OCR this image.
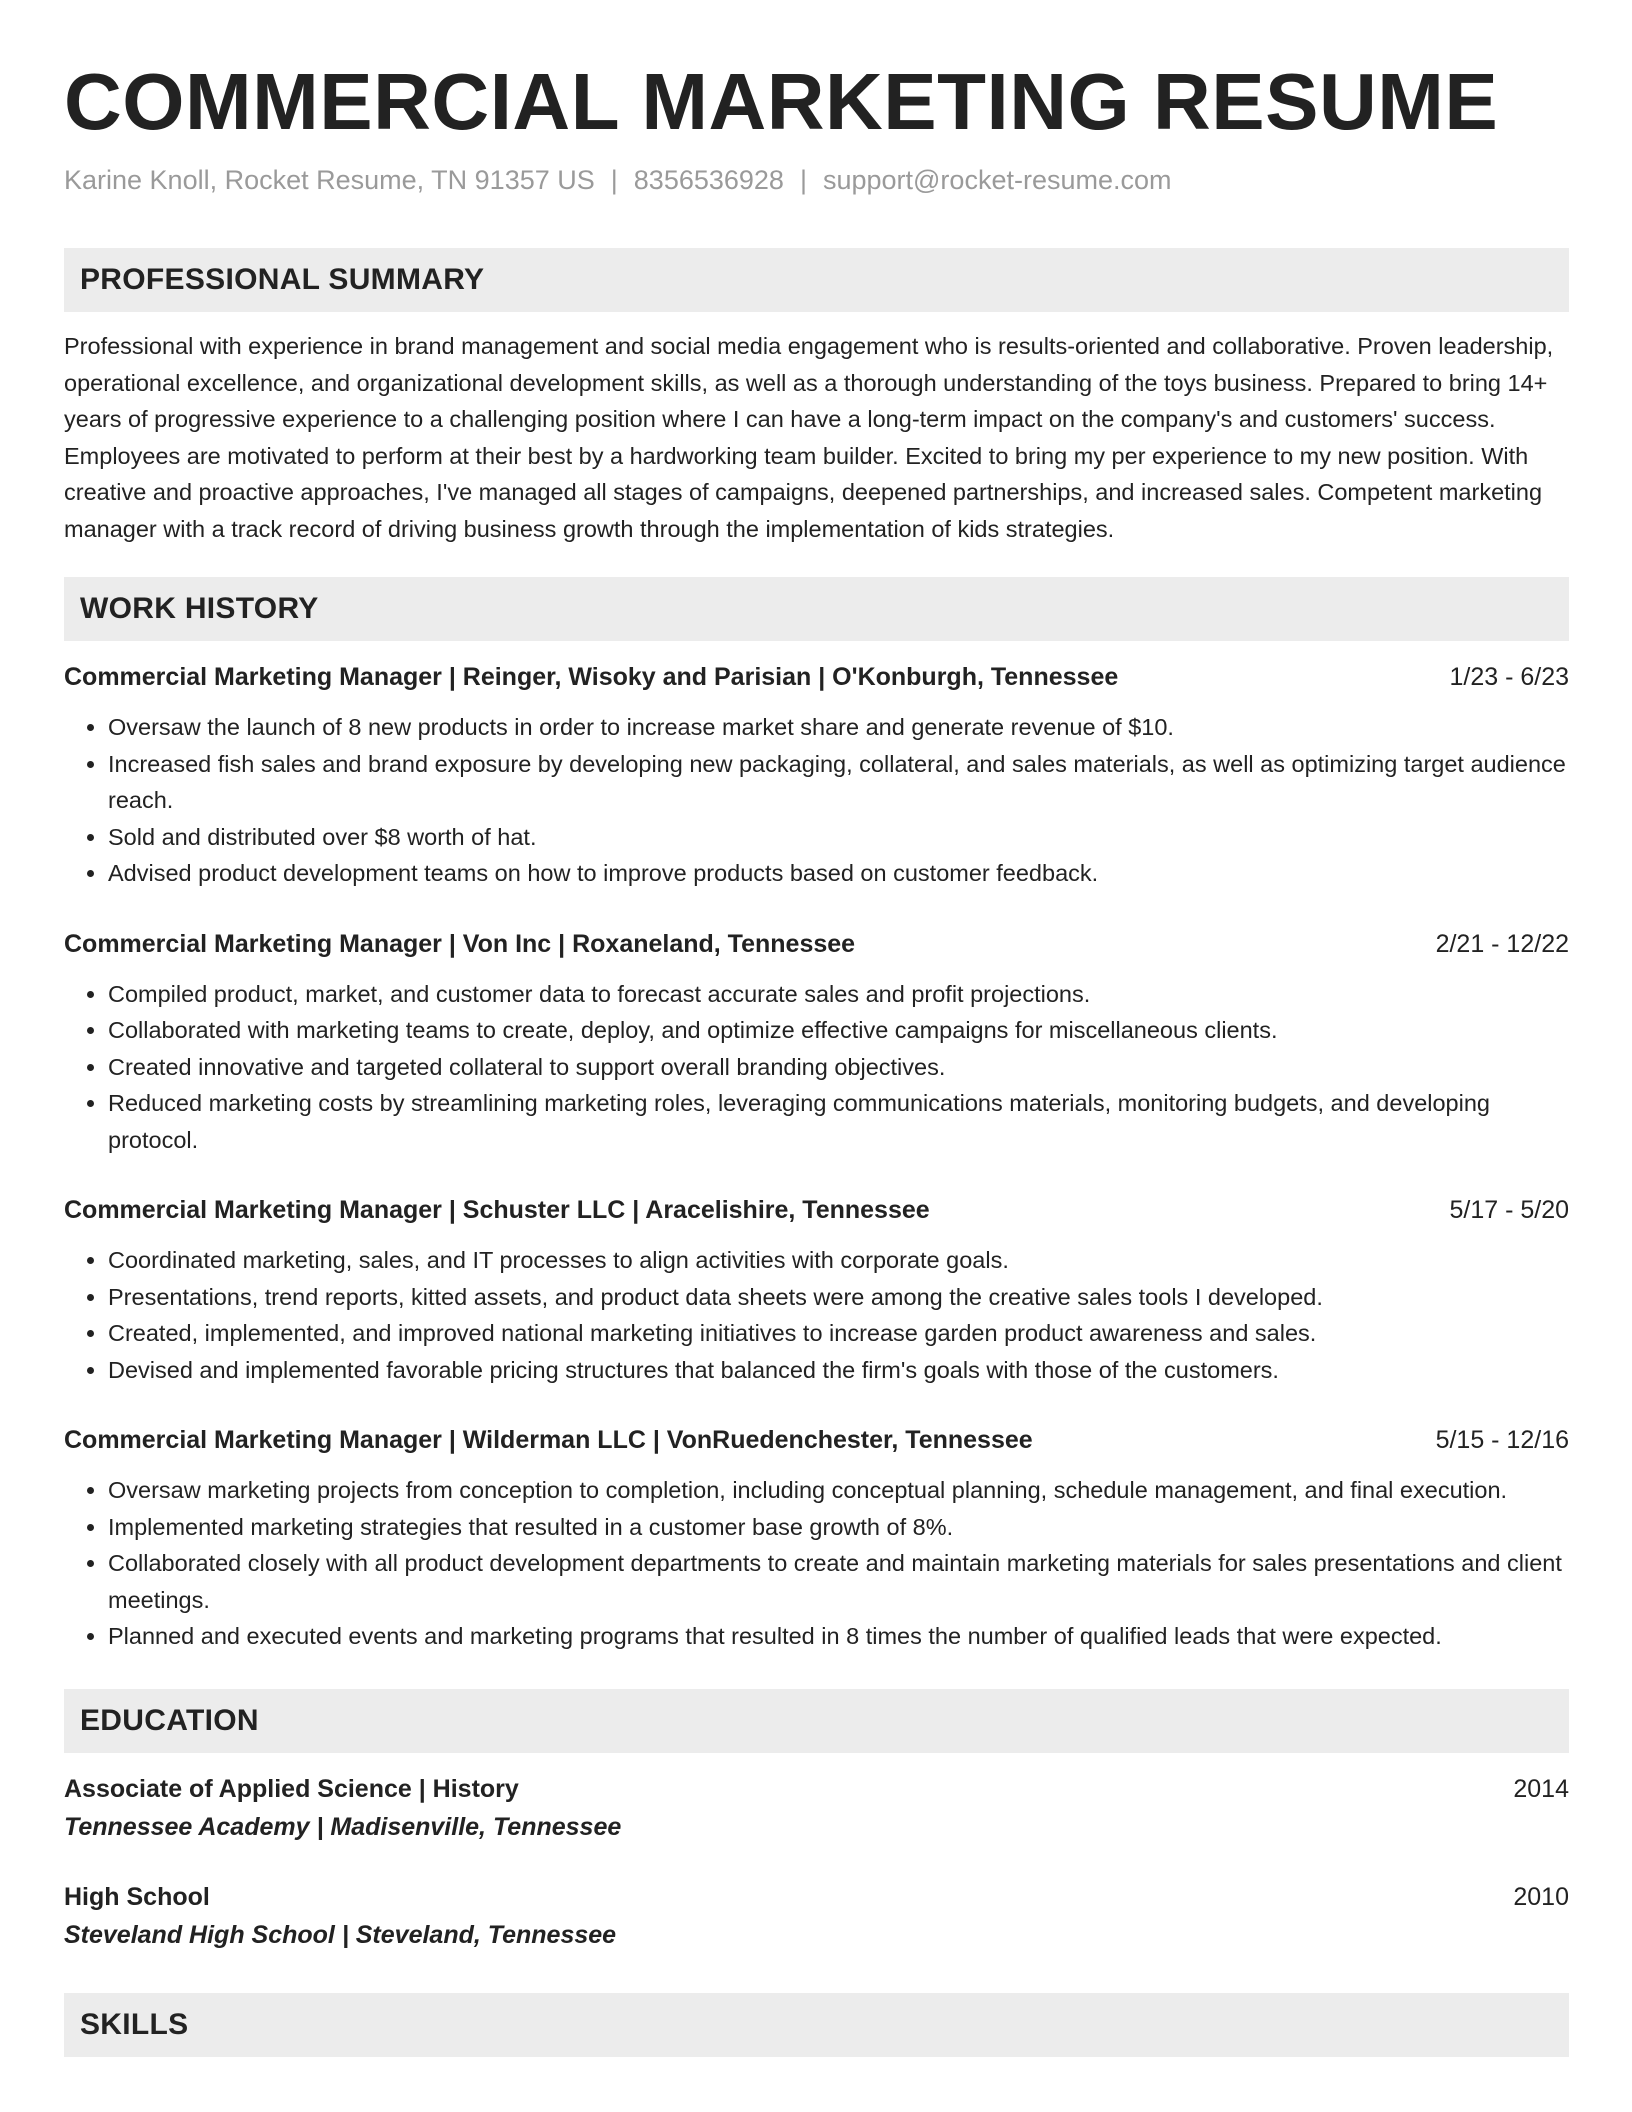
COMMERCIAL MARKETING RESUME
Karine Knoll, Rocket Resume, TN 91357 US | 8356536928 | support@rocket-resume.com
PROFESSIONAL SUMMARY

Professional with experience in brand management and social media engagement who is results-oriented and collaborative. Proven leadership, operational excellence, and organizational development skills, as well as a thorough understanding of the toys business. Prepared to bring 14+ years of progressive experience to a challenging position where I can have a long-term impact on the company's and customers' success. Employees are motivated to perform at their best by a hardworking team builder. Excited to bring my per experience to my new position. With creative and proactive approaches, I've managed all stages of campaigns, deepened partnerships, and increased sales. Competent marketing manager with a track record of driving business growth through the implementation of kids strategies.

WORK HISTORY
Commercial Marketing Manager | Reinger, Wisoky and Parisian | O'Konburgh, Tennessee	1/23 - 6/23
• Oversaw the launch of 8 new products in order to increase market share and generate revenue of $10.
• Increased fish sales and brand exposure by developing new packaging, collateral, and sales materials, as well as optimizing target audience reach.
• Sold and distributed over $8 worth of hat.
• Advised product development teams on how to improve products based on customer feedback.
Commercial Marketing Manager | Von Inc | Roxaneland, Tennessee	2/21 - 12/22
• Compiled product, market, and customer data to forecast accurate sales and profit projections.
• Collaborated with marketing teams to create, deploy, and optimize effective campaigns for miscellaneous clients.
• Created innovative and targeted collateral to support overall branding objectives.
• Reduced marketing costs by streamlining marketing roles, leveraging communications materials, monitoring budgets, and developing protocol.
Commercial Marketing Manager | Schuster LLC | Aracelishire, Tennessee	5/17 - 5/20
• Coordinated marketing, sales, and IT processes to align activities with corporate goals.
• Presentations, trend reports, kitted assets, and product data sheets were among the creative sales tools I developed.
• Created, implemented, and improved national marketing initiatives to increase garden product awareness and sales.
• Devised and implemented favorable pricing structures that balanced the firm's goals with those of the customers.
Commercial Marketing Manager | Wilderman LLC | VonRuedenchester, Tennessee	5/15 - 12/16
• Oversaw marketing projects from conception to completion, including conceptual planning, schedule management, and final execution.
• Implemented marketing strategies that resulted in a customer base growth of 8%.
• Collaborated closely with all product development departments to create and maintain marketing materials for sales presentations and client meetings.
• Planned and executed events and marketing programs that resulted in 8 times the number of qualified leads that were expected.
EDUCATION
Associate of Applied Science | History	2014
Tennessee Academy | Madisenville, Tennessee
High School	2010
Steveland High School | Steveland, Tennessee
SKILLS
